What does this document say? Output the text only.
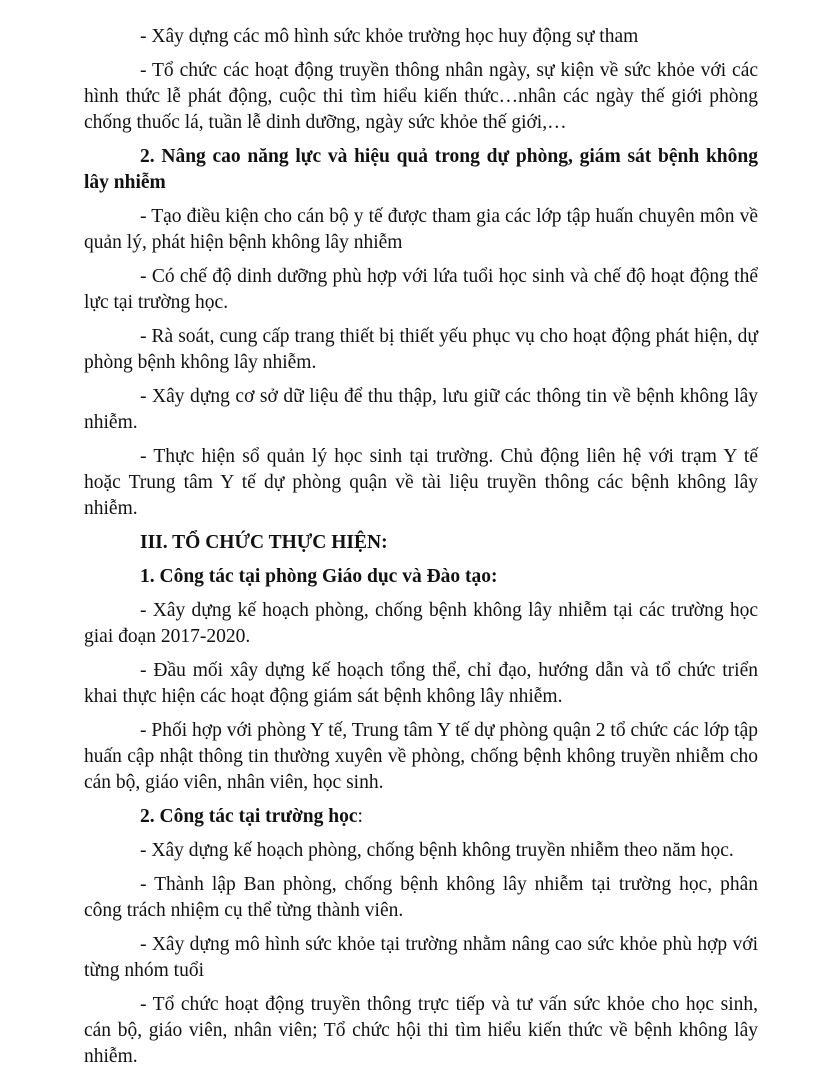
- Xây dựng các mô hình sức khỏe trường học huy động sự tham

- Tổ chức các hoạt động truyền thông nhân ngày, sự kiện về sức khỏe với các hình thức lễ phát động, cuộc thi tìm hiểu kiến thức…nhân các ngày thế giới phòng chống thuốc lá, tuần lễ dinh dưỡng, ngày sức khỏe thế giới,…

2. Nâng cao năng lực và hiệu quả trong dự phòng, giám sát bệnh không lây nhiễm

- Tạo điều kiện cho cán bộ y tế được tham gia các lớp tập huấn chuyên môn về quản lý, phát hiện bệnh không lây nhiễm

- Có chế độ dinh dưỡng phù hợp với lứa tuổi học sinh và chế độ hoạt động thể lực tại trường học.

- Rà soát, cung cấp trang thiết bị thiết yếu phục vụ cho hoạt động phát hiện, dự phòng bệnh không lây nhiễm.

- Xây dựng cơ sở dữ liệu để thu thập, lưu giữ các thông tin về bệnh không lây nhiễm.

- Thực hiện sổ quản lý học sinh tại trường. Chủ động liên hệ với trạm Y tế hoặc Trung tâm Y tế dự phòng quận về tài liệu truyền thông các bệnh không lây nhiễm.

III. TỔ CHỨC THỰC HIỆN:

1. Công tác tại phòng Giáo dục và Đào tạo:

- Xây dựng kế hoạch phòng, chống bệnh không lây nhiễm tại các trường học giai đoạn 2017-2020.

- Đầu mối xây dựng kế hoạch tổng thể, chỉ đạo, hướng dẫn và tổ chức triển khai thực hiện các hoạt động giám sát bệnh không lây nhiễm.

- Phối hợp với phòng Y tế, Trung tâm Y tế dự phòng quận 2 tổ chức các lớp tập huấn cập nhật thông tin thường xuyên về phòng, chống bệnh không truyền nhiễm cho cán bộ, giáo viên, nhân viên, học sinh.

2. Công tác tại trường học:

- Xây dựng kế hoạch phòng, chống bệnh không truyền nhiễm theo năm học.

- Thành lập Ban phòng, chống bệnh không lây nhiễm tại trường học, phân công trách nhiệm cụ thể từng thành viên.

- Xây dựng mô hình sức khỏe tại trường nhằm nâng cao sức khỏe phù hợp với từng nhóm tuổi

- Tổ chức hoạt động truyền thông trực tiếp và tư vấn sức khỏe cho học sinh, cán bộ, giáo viên, nhân viên; Tổ chức hội thi tìm hiểu kiến thức về bệnh không lây nhiễm.
